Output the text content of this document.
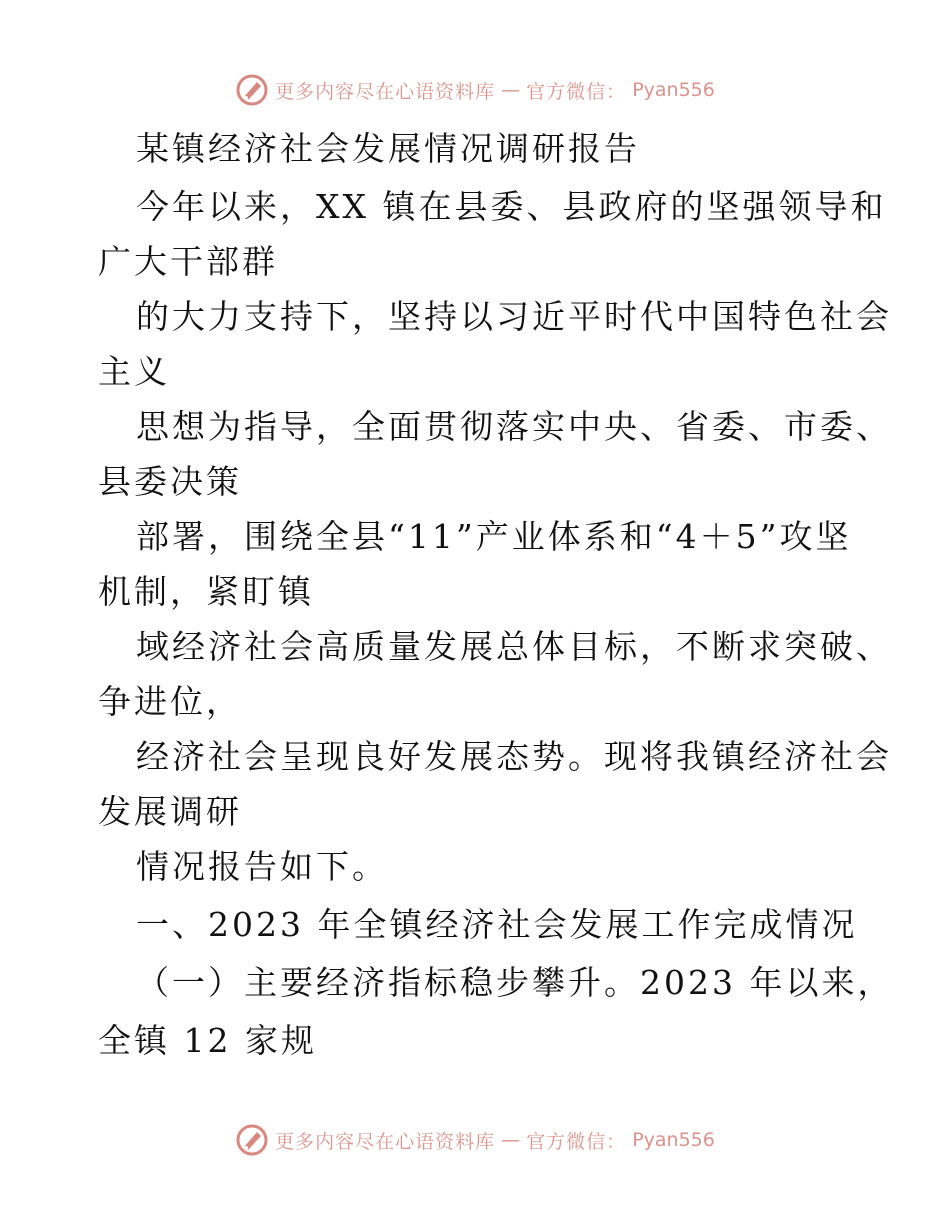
更多内容尽在心语资料库 — 官方微信： Pyan556
某镇经济社会发展情况调研报告
今年以来，XX 镇在县委、县政府的坚强领导和
广大干部群
的大力支持下，坚持以习近平时代中国特色社会
主义
思想为指导，全面贯彻落实中央、省委、市委、
县委决策
部署，围绕全县“11”产业体系和“4＋5”攻坚
机制，紧盯镇
域经济社会高质量发展总体目标，不断求突破、
争进位，
经济社会呈现良好发展态势。现将我镇经济社会
发展调研
情况报告如下。
一、2023 年全镇经济社会发展工作完成情况
（一）主要经济指标稳步攀升。2023 年以来，
全镇 12 家规
更多内容尽在心语资料库 — 官方微信： Pyan556
